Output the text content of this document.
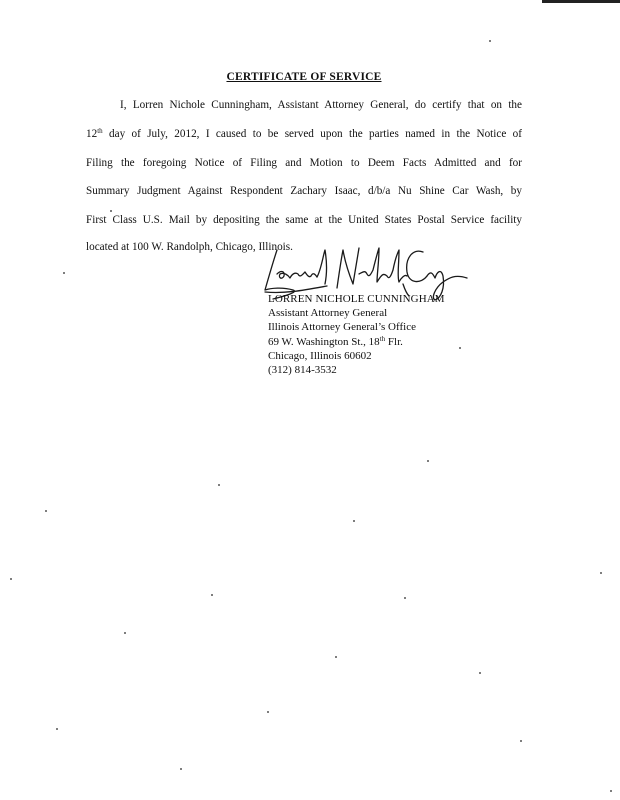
CERTIFICATE OF SERVICE
I, Lorren Nichole Cunningham, Assistant Attorney General, do certify that on the
12th day of July, 2012, I caused to be served upon the parties named in the Notice of
Filing the foregoing Notice of Filing and Motion to Deem Facts Admitted and for
Summary Judgment Against Respondent Zachary Isaac, d/b/a Nu Shine Car Wash, by
First Class U.S. Mail by depositing the same at the United States Postal Service facility
located at 100 W. Randolph, Chicago, Illinois.
LORREN NICHOLE CUNNINGHAM
Assistant Attorney General
Illinois Attorney General’s Office
69 W. Washington St., 18th Flr.
Chicago, Illinois 60602
(312) 814-3532
